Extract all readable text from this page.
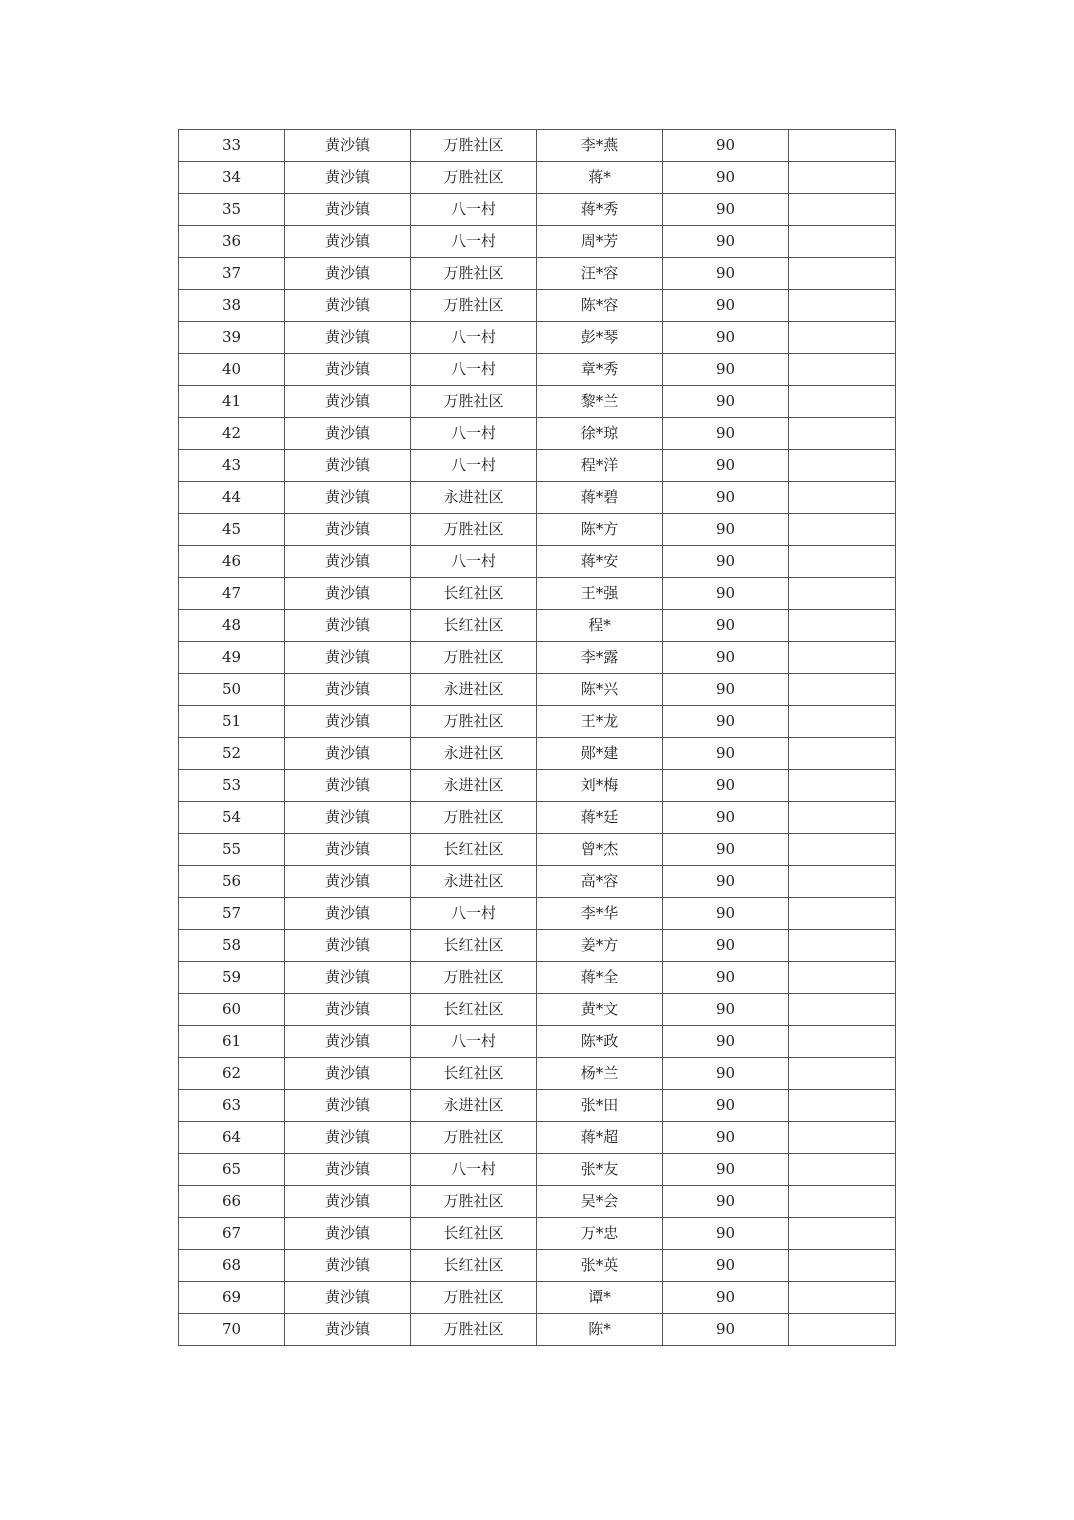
33	黄沙镇	万胜社区	李*燕	90	
34	黄沙镇	万胜社区	蒋*	90	
35	黄沙镇	八一村	蒋*秀	90	
36	黄沙镇	八一村	周*芳	90	
37	黄沙镇	万胜社区	汪*容	90	
38	黄沙镇	万胜社区	陈*容	90	
39	黄沙镇	八一村	彭*琴	90	
40	黄沙镇	八一村	章*秀	90	
41	黄沙镇	万胜社区	黎*兰	90	
42	黄沙镇	八一村	徐*琼	90	
43	黄沙镇	八一村	程*洋	90	
44	黄沙镇	永进社区	蒋*碧	90	
45	黄沙镇	万胜社区	陈*方	90	
46	黄沙镇	八一村	蒋*安	90	
47	黄沙镇	长红社区	王*强	90	
48	黄沙镇	长红社区	程*	90	
49	黄沙镇	万胜社区	李*露	90	
50	黄沙镇	永进社区	陈*兴	90	
51	黄沙镇	万胜社区	王*龙	90	
52	黄沙镇	永进社区	郧*建	90	
53	黄沙镇	永进社区	刘*梅	90	
54	黄沙镇	万胜社区	蒋*廷	90	
55	黄沙镇	长红社区	曾*杰	90	
56	黄沙镇	永进社区	高*容	90	
57	黄沙镇	八一村	李*华	90	
58	黄沙镇	长红社区	姜*方	90	
59	黄沙镇	万胜社区	蒋*全	90	
60	黄沙镇	长红社区	黄*文	90	
61	黄沙镇	八一村	陈*政	90	
62	黄沙镇	长红社区	杨*兰	90	
63	黄沙镇	永进社区	张*田	90	
64	黄沙镇	万胜社区	蒋*超	90	
65	黄沙镇	八一村	张*友	90	
66	黄沙镇	万胜社区	吴*会	90	
67	黄沙镇	长红社区	万*忠	90	
68	黄沙镇	长红社区	张*英	90	
69	黄沙镇	万胜社区	谭*	90	
70	黄沙镇	万胜社区	陈*	90	
